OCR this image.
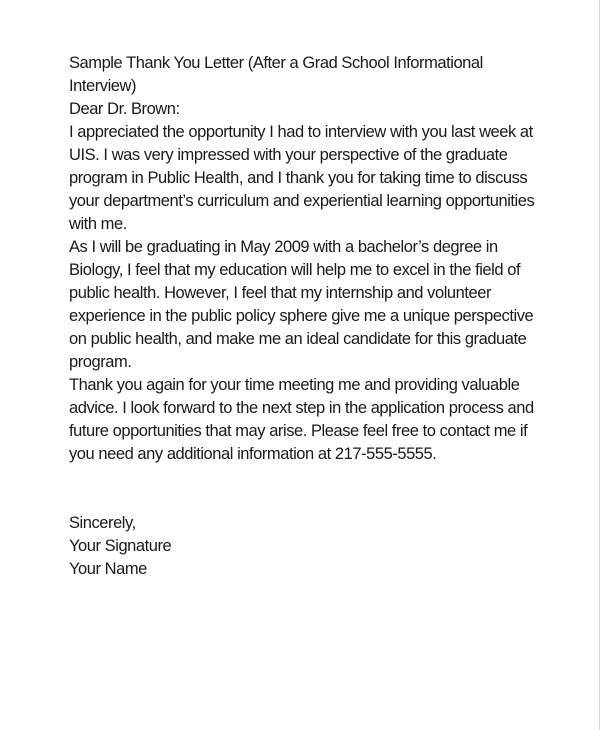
Sample Thank You Letter (After a Grad School Informational Interview)

Dear Dr. Brown:

I appreciated the opportunity I had to interview with you last week at UIS. I was very impressed with your perspective of the graduate program in Public Health, and I thank you for taking time to discuss your department’s curriculum and experiential learning opportunities with me.

As I will be graduating in May 2009 with a bachelor’s degree in Biology, I feel that my education will help me to excel in the field of public health. However, I feel that my internship and volunteer experience in the public policy sphere give me a unique perspective on public health, and make me an ideal candidate for this graduate program.

Thank you again for your time meeting me and providing valuable advice. I look forward to the next step in the application process and future opportunities that may arise. Please feel free to contact me if you need any additional information at 217-555-5555.

Sincerely,

Your Signature

Your Name
